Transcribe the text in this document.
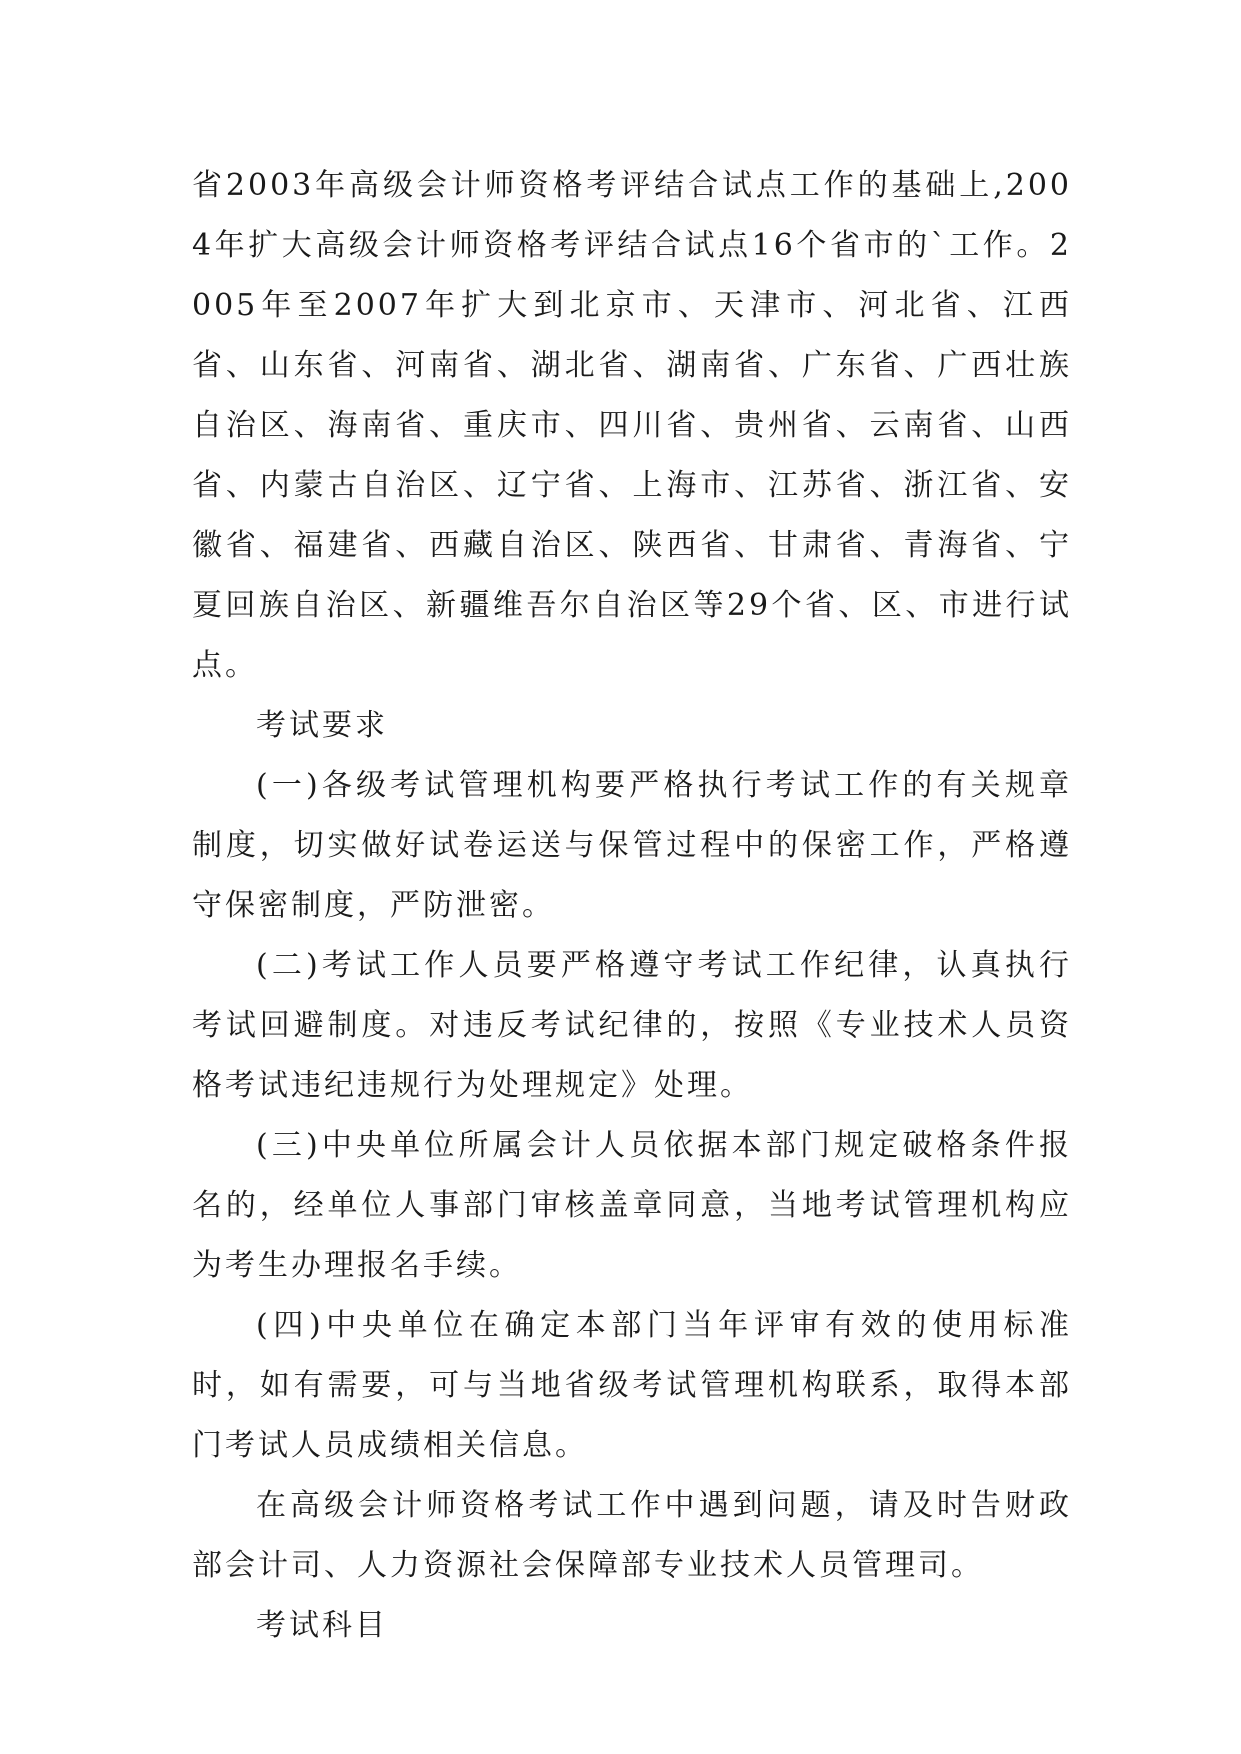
省2003年高级会计师资格考评结合试点工作的基础上,2004年扩大高级会计师资格考评结合试点16个省市的`工作。2005年至2007年扩大到北京市、天津市、河北省、江西省、山东省、河南省、湖北省、湖南省、广东省、广西壮族自治区、海南省、重庆市、四川省、贵州省、云南省、山西省、内蒙古自治区、辽宁省、上海市、江苏省、浙江省、安徽省、福建省、西藏自治区、陕西省、甘肃省、青海省、宁夏回族自治区、新疆维吾尔自治区等29个省、区、市进行试点。

考试要求

(一)各级考试管理机构要严格执行考试工作的有关规章制度，切实做好试卷运送与保管过程中的保密工作，严格遵守保密制度，严防泄密。

(二)考试工作人员要严格遵守考试工作纪律，认真执行考试回避制度。对违反考试纪律的，按照《专业技术人员资格考试违纪违规行为处理规定》处理。

(三)中央单位所属会计人员依据本部门规定破格条件报名的，经单位人事部门审核盖章同意，当地考试管理机构应为考生办理报名手续。

(四)中央单位在确定本部门当年评审有效的使用标准时，如有需要，可与当地省级考试管理机构联系，取得本部门考试人员成绩相关信息。

在高级会计师资格考试工作中遇到问题，请及时告财政部会计司、人力资源社会保障部专业技术人员管理司。

考试科目
